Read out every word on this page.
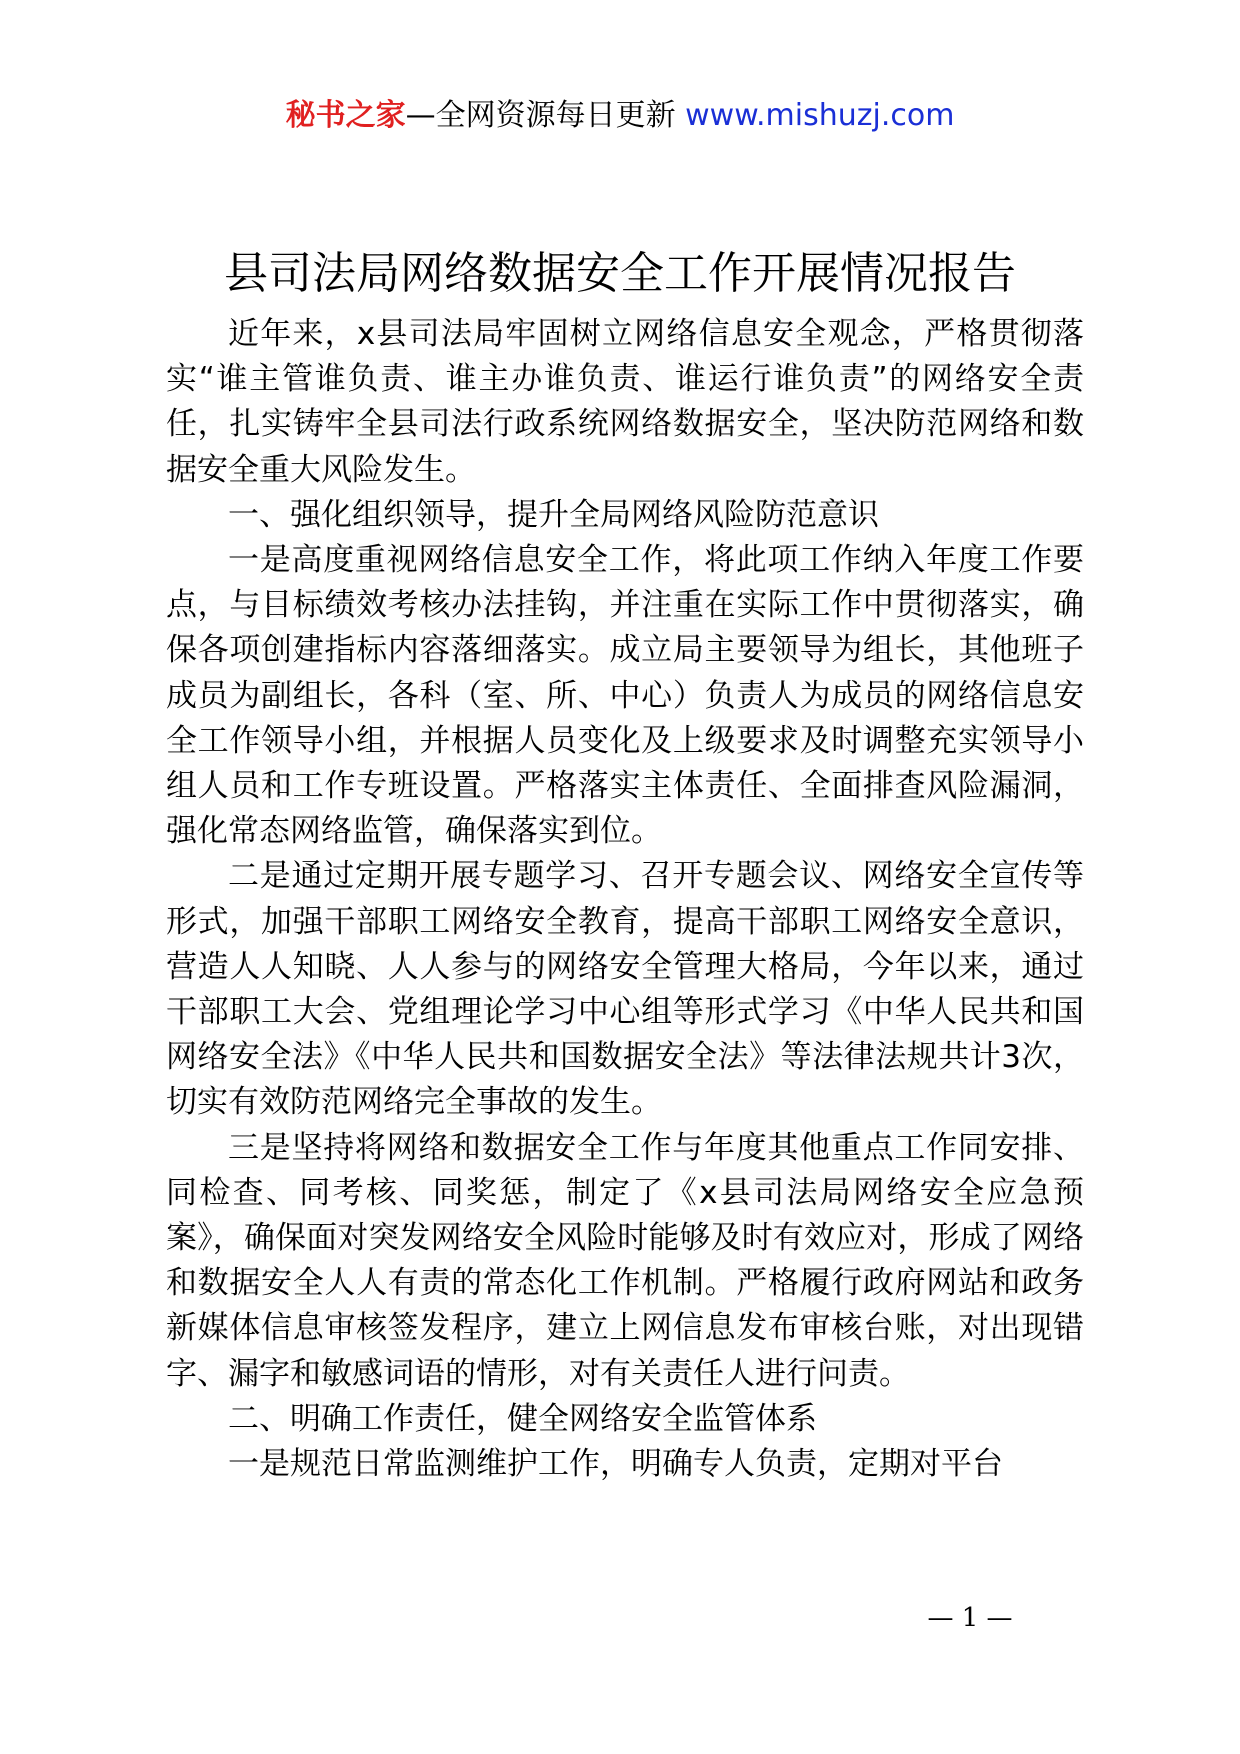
秘书之家—全网资源每日更新 www.mishuzj.com
县司法局网络数据安全工作开展情况报告

近年来，x县司法局牢固树立网络信息安全观念，严格贯彻落实“谁主管谁负责、谁主办谁负责、谁运行谁负责”的网络安全责任，扎实铸牢全县司法行政系统网络数据安全，坚决防范网络和数据安全重大风险发生。

一、强化组织领导，提升全局网络风险防范意识

一是高度重视网络信息安全工作，将此项工作纳入年度工作要点，与目标绩效考核办法挂钩，并注重在实际工作中贯彻落实，确保各项创建指标内容落细落实。成立局主要领导为组长，其他班子成员为副组长，各科（室、所、中心）负责人为成员的网络信息安全工作领导小组，并根据人员变化及上级要求及时调整充实领导小组人员和工作专班设置。严格落实主体责任、全面排查风险漏洞，强化常态网络监管，确保落实到位。

二是通过定期开展专题学习、召开专题会议、网络安全宣传等形式，加强干部职工网络安全教育，提高干部职工网络安全意识，营造人人知晓、人人参与的网络安全管理大格局，今年以来，通过干部职工大会、党组理论学习中心组等形式学习《中华人民共和国网络安全法》《中华人民共和国数据安全法》等法律法规共计3次，切实有效防范网络完全事故的发生。

三是坚持将网络和数据安全工作与年度其他重点工作同安排、同检查、同考核、同奖惩，制定了《x县司法局网络安全应急预案》，确保面对突发网络安全风险时能够及时有效应对，形成了网络和数据安全人人有责的常态化工作机制。严格履行政府网站和政务新媒体信息审核签发程序，建立上网信息发布审核台账，对出现错字、漏字和敏感词语的情形，对有关责任人进行问责。

二、明确工作责任，健全网络安全监管体系

一是规范日常监测维护工作，明确专人负责，定期对平台

— 1 —
